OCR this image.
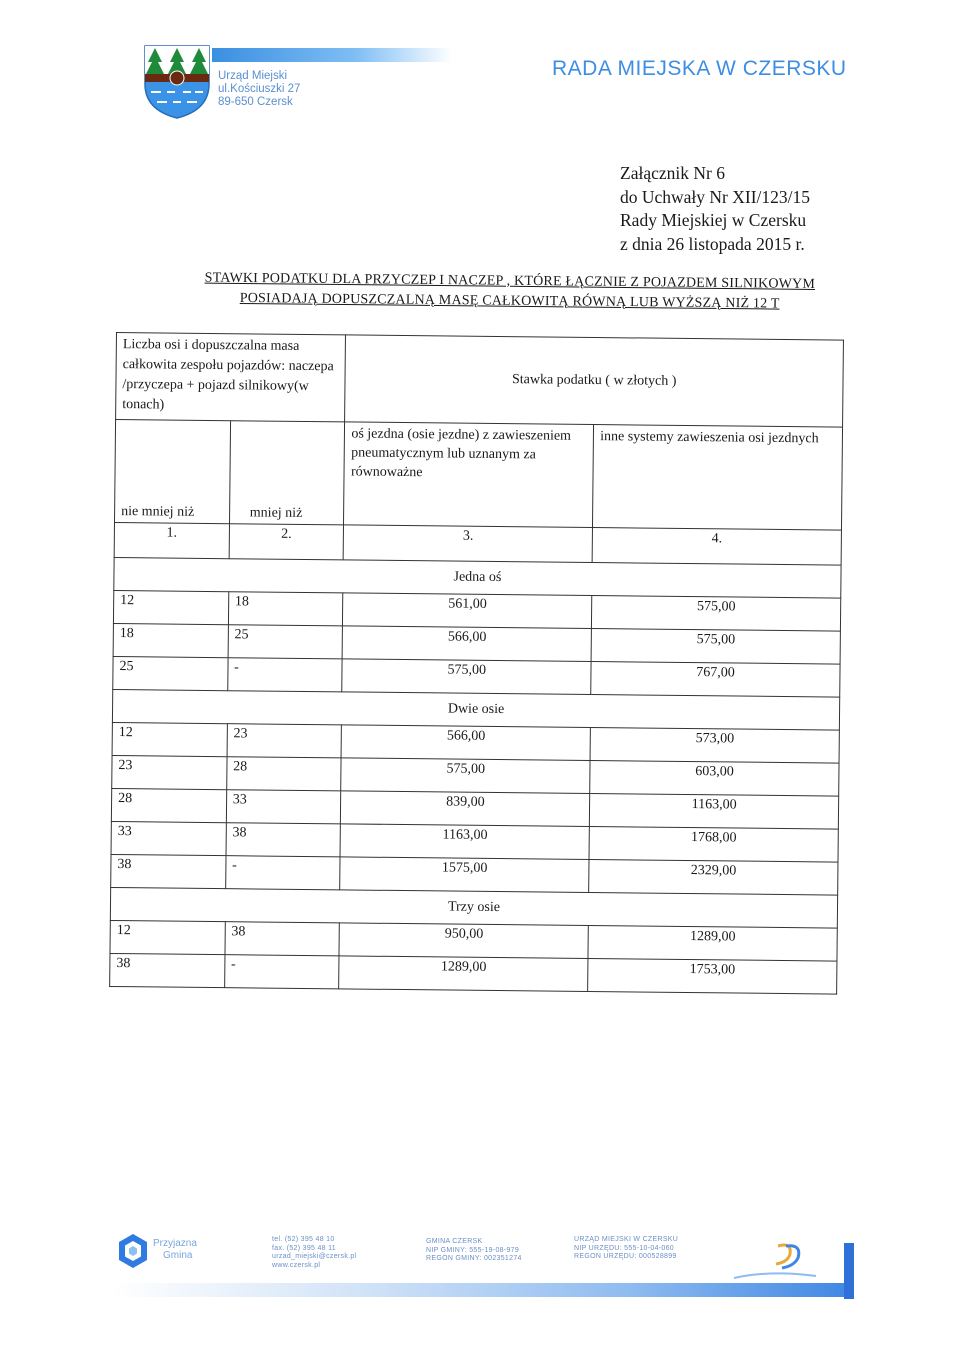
Urząd Miejski
ul.Kościuszki 27
89-650 Czersk
RADA MIEJSKA W CZERSKU
Załącznik Nr 6
do Uchwały Nr XII/123/15
Rady Miejskiej w Czersku
z dnia 26 listopada 2015 r.
STAWKI PODATKU DLA PRZYCZEP I NACZEP , KTÓRE ŁĄCZNIE Z POJAZDEM SILNIKOWYM
POSIADAJĄ DOPUSZCZALNĄ MASĘ CAŁKOWITĄ RÓWNĄ LUB WYŻSZĄ NIŻ 12 T
Liczba osi i dopuszczalna masa całkowita zespołu pojazdów: naczepa /przyczepa + pojazd silnikowy(w tonach)		Stawka podatku ( w złotych )	
nie mniej niż	mniej niż	oś jezdna (osie jezdne) z zawieszeniem pneumatycznym lub uznanym za równoważne	inne systemy zawieszenia osi jezdnych
1.	2.	3.	4.
Jedna oś			
12	18	561,00	575,00
18	25	566,00	575,00
25	-	575,00	767,00
Dwie osie			
12	23	566,00	573,00
23	28	575,00	603,00
28	33	839,00	1163,00
33	38	1163,00	1768,00
38	-	1575,00	2329,00
Trzy osie			
12	38	950,00	1289,00
38	-	1289,00	1753,00
Przyjazna
Gmina
tel. (52) 395 48 10
fax. (52) 395 48 11
urzad_miejski@czersk.pl
www.czersk.pl
GMINA CZERSK
NIP GMINY: 555-19-08-979
REGON GMINY: 002351274
URZĄD MIEJSKI W CZERSKU
NIP URZĘDU: 555-10-04-060
REGON URZĘDU: 000528899
